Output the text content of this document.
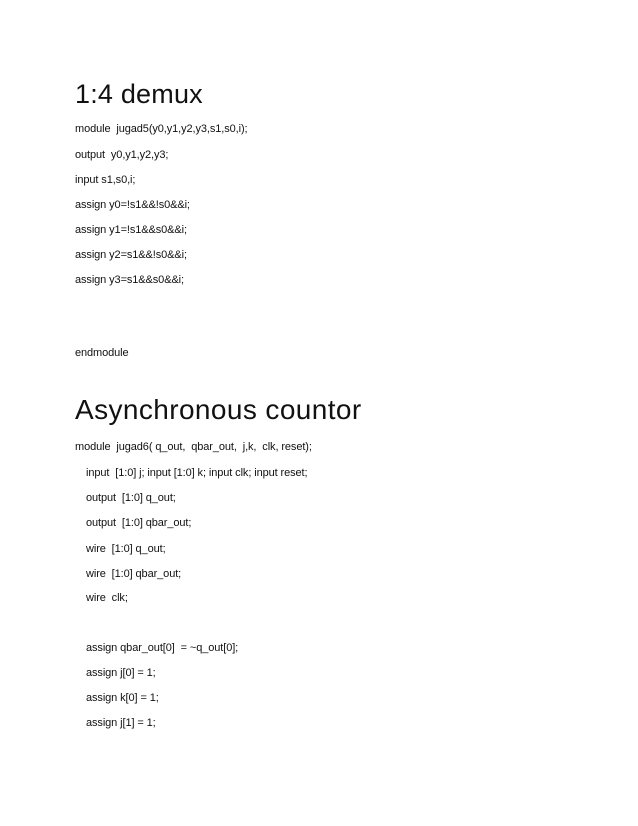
1:4 demux

module  jugad5(y0,y1,y2,y3,s1,s0,i);

output  y0,y1,y2,y3;

input s1,s0,i;

assign y0=!s1&&!s0&&i;

assign y1=!s1&&s0&&i;

assign y2=s1&&!s0&&i;

assign y3=s1&&s0&&i;

endmodule

Asynchronous countor

module  jugad6( q_out,  qbar_out,  j,k,  clk, reset);

input  [1:0] j; input [1:0] k; input clk; input reset;

output  [1:0] q_out;

output  [1:0] qbar_out;

wire  [1:0] q_out;

wire  [1:0] qbar_out;

wire  clk;

assign qbar_out[0]  = ~q_out[0];

assign j[0] = 1;

assign k[0] = 1;

assign j[1] = 1;
